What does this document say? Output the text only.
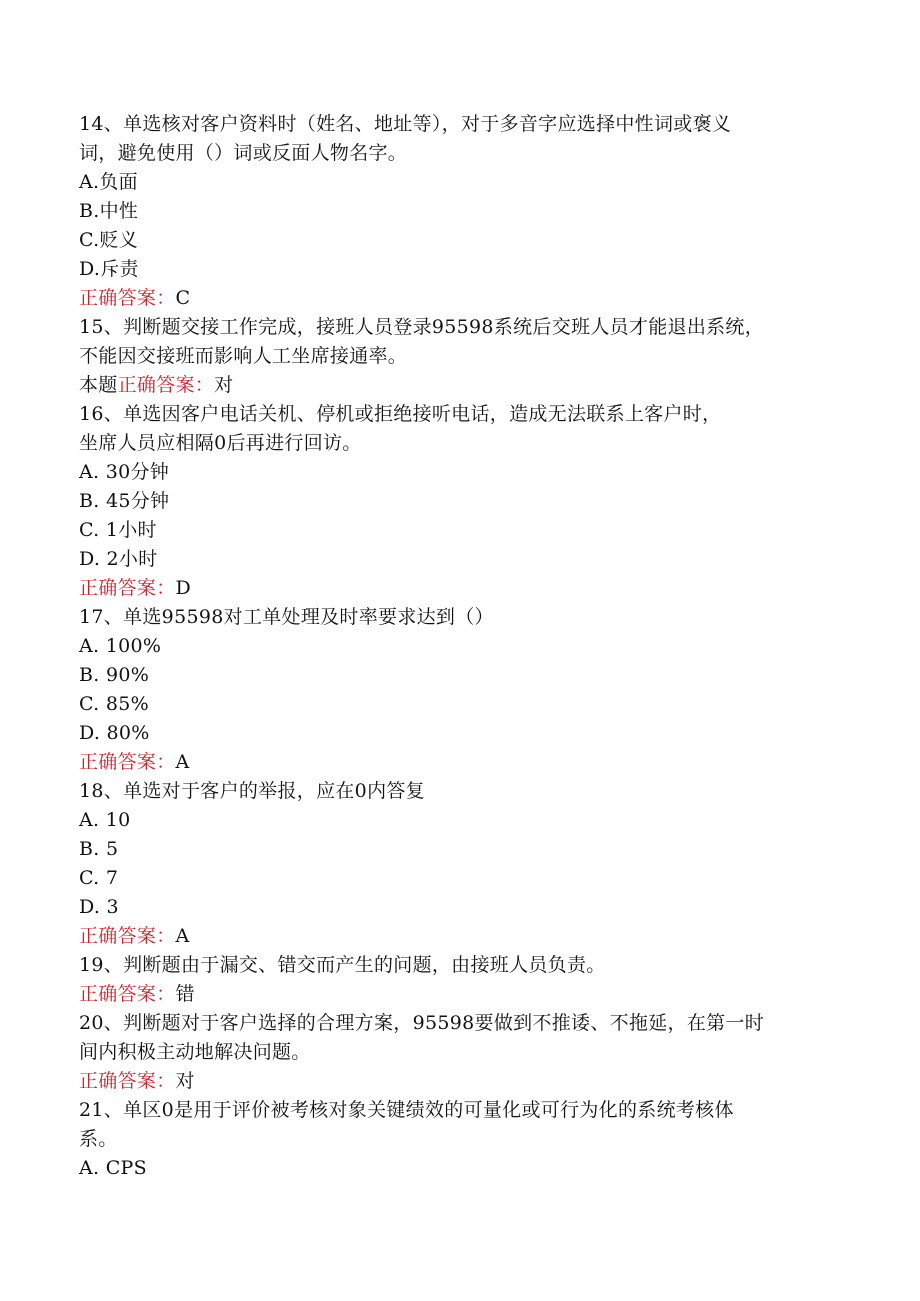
14、单选核对客户资料时（姓名、地址等），对于多音字应选择中性词或褒义
词，避免使用（）词或反面人物名字。
A.负面
B.中性
C.贬义
D.斥责
正确答案：C
15、判断题交接工作完成，接班人员登录95598系统后交班人员才能退出系统，
不能因交接班而影响人工坐席接通率。
本题正确答案：对
16、单选因客户电话关机、停机或拒绝接听电话，造成无法联系上客户时，
坐席人员应相隔0后再进行回访。
A. 30分钟
B. 45分钟
C. 1小时
D. 2小时
正确答案：D
17、单选95598对工单处理及时率要求达到（）
A. 100%
B. 90%
C. 85%
D. 80%
正确答案：A
18、单选对于客户的举报，应在0内答复
A. 10
B. 5
C. 7
D. 3
正确答案：A
19、判断题由于漏交、错交而产生的问题，由接班人员负责。
正确答案：错
20、判断题对于客户选择的合理方案，95598要做到不推诿、不拖延，在第一时
间内积极主动地解决问题。
正确答案：对
21、单区0是用于评价被考核对象关键绩效的可量化或可行为化的系统考核体
系。
A. CPS
